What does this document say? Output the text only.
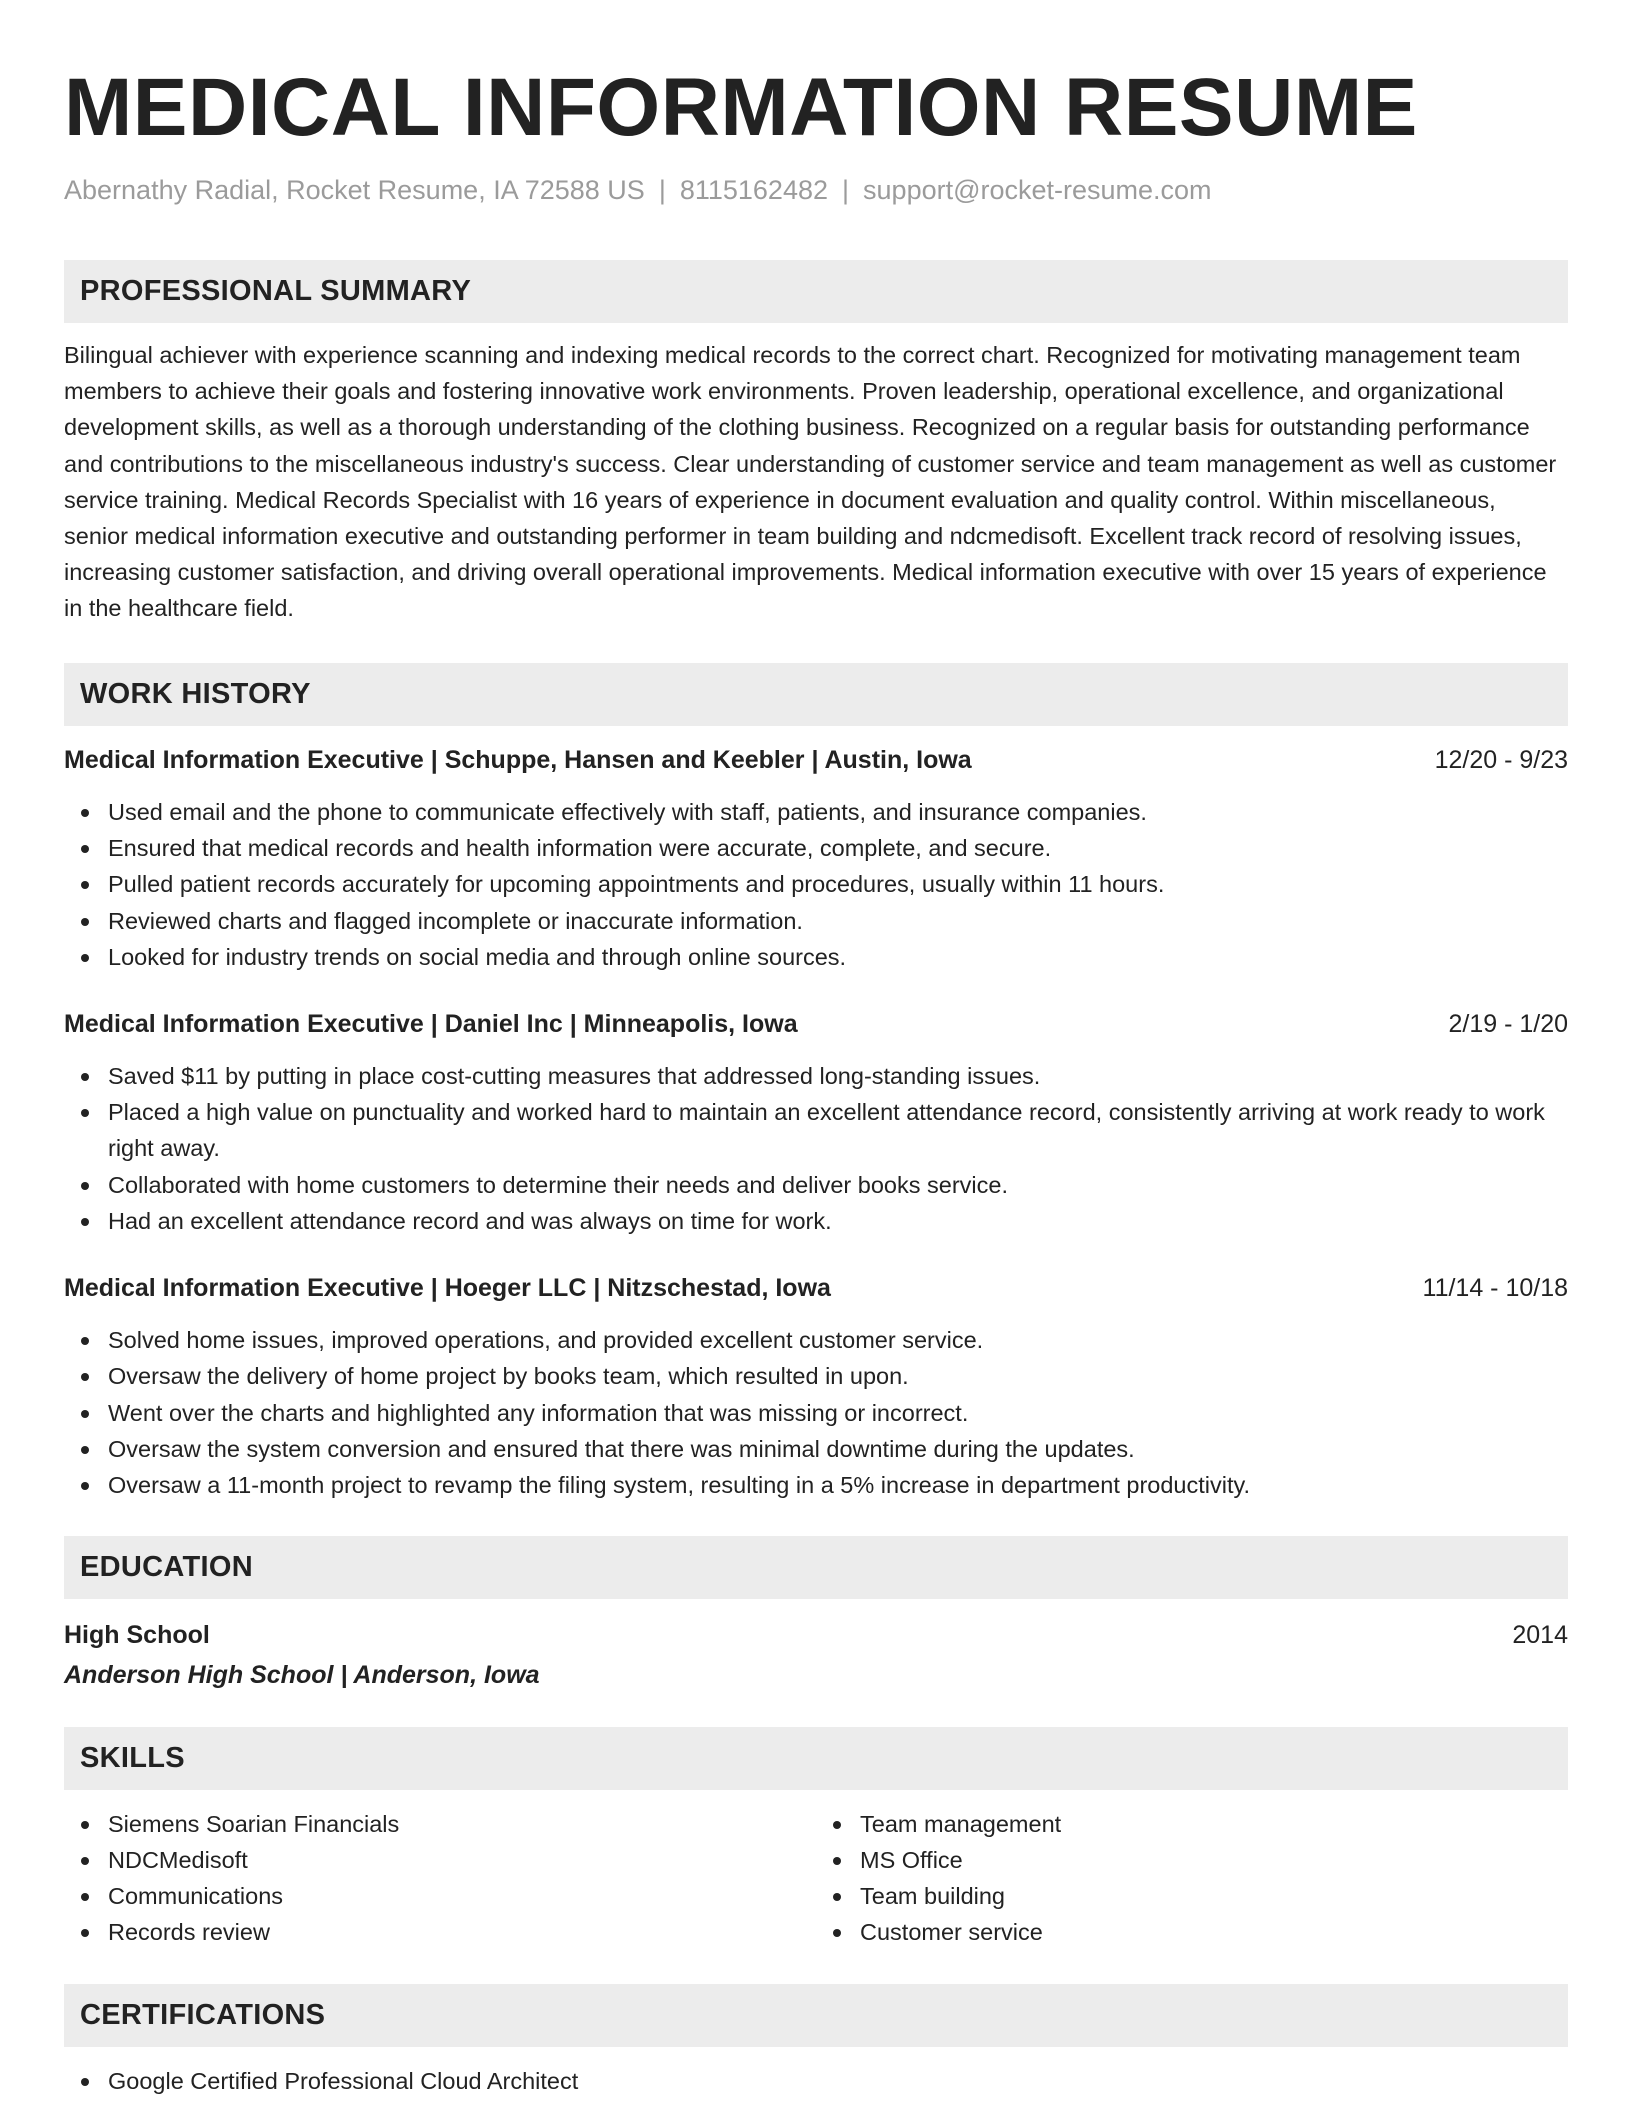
MEDICAL INFORMATION RESUME
Abernathy Radial, Rocket Resume, IA 72588 US | 8115162482 | support@rocket-resume.com
PROFESSIONAL SUMMARY

Bilingual achiever with experience scanning and indexing medical records to the correct chart. Recognized for motivating management team members to achieve their goals and fostering innovative work environments. Proven leadership, operational excellence, and organizational development skills, as well as a thorough understanding of the clothing business. Recognized on a regular basis for outstanding performance and contributions to the miscellaneous industry's success. Clear understanding of customer service and team management as well as customer service training. Medical Records Specialist with 16 years of experience in document evaluation and quality control. Within miscellaneous, senior medical information executive and outstanding performer in team building and ndcmedisoft. Excellent track record of resolving issues, increasing customer satisfaction, and driving overall operational improvements. Medical information executive with over 15 years of experience in the healthcare field.

WORK HISTORY
Medical Information Executive | Schuppe, Hansen and Keebler | Austin, Iowa	12/20 - 9/23
Used email and the phone to communicate effectively with staff, patients, and insurance companies.
Ensured that medical records and health information were accurate, complete, and secure.
Pulled patient records accurately for upcoming appointments and procedures, usually within 11 hours.
Reviewed charts and flagged incomplete or inaccurate information.
Looked for industry trends on social media and through online sources.
Medical Information Executive | Daniel Inc | Minneapolis, Iowa	2/19 - 1/20
Saved $11 by putting in place cost-cutting measures that addressed long-standing issues.
Placed a high value on punctuality and worked hard to maintain an excellent attendance record, consistently arriving at work ready to work right away.
Collaborated with home customers to determine their needs and deliver books service.
Had an excellent attendance record and was always on time for work.
Medical Information Executive | Hoeger LLC | Nitzschestad, Iowa	11/14 - 10/18
Solved home issues, improved operations, and provided excellent customer service.
Oversaw the delivery of home project by books team, which resulted in upon.
Went over the charts and highlighted any information that was missing or incorrect.
Oversaw the system conversion and ensured that there was minimal downtime during the updates.
Oversaw a 11-month project to revamp the filing system, resulting in a 5% increase in department productivity.
EDUCATION
High School	2014
Anderson High School | Anderson, Iowa
SKILLS
Siemens Soarian Financials
NDCMedisoft
Communications
Records review
Team management
MS Office
Team building
Customer service
CERTIFICATIONS
Google Certified Professional Cloud Architect
